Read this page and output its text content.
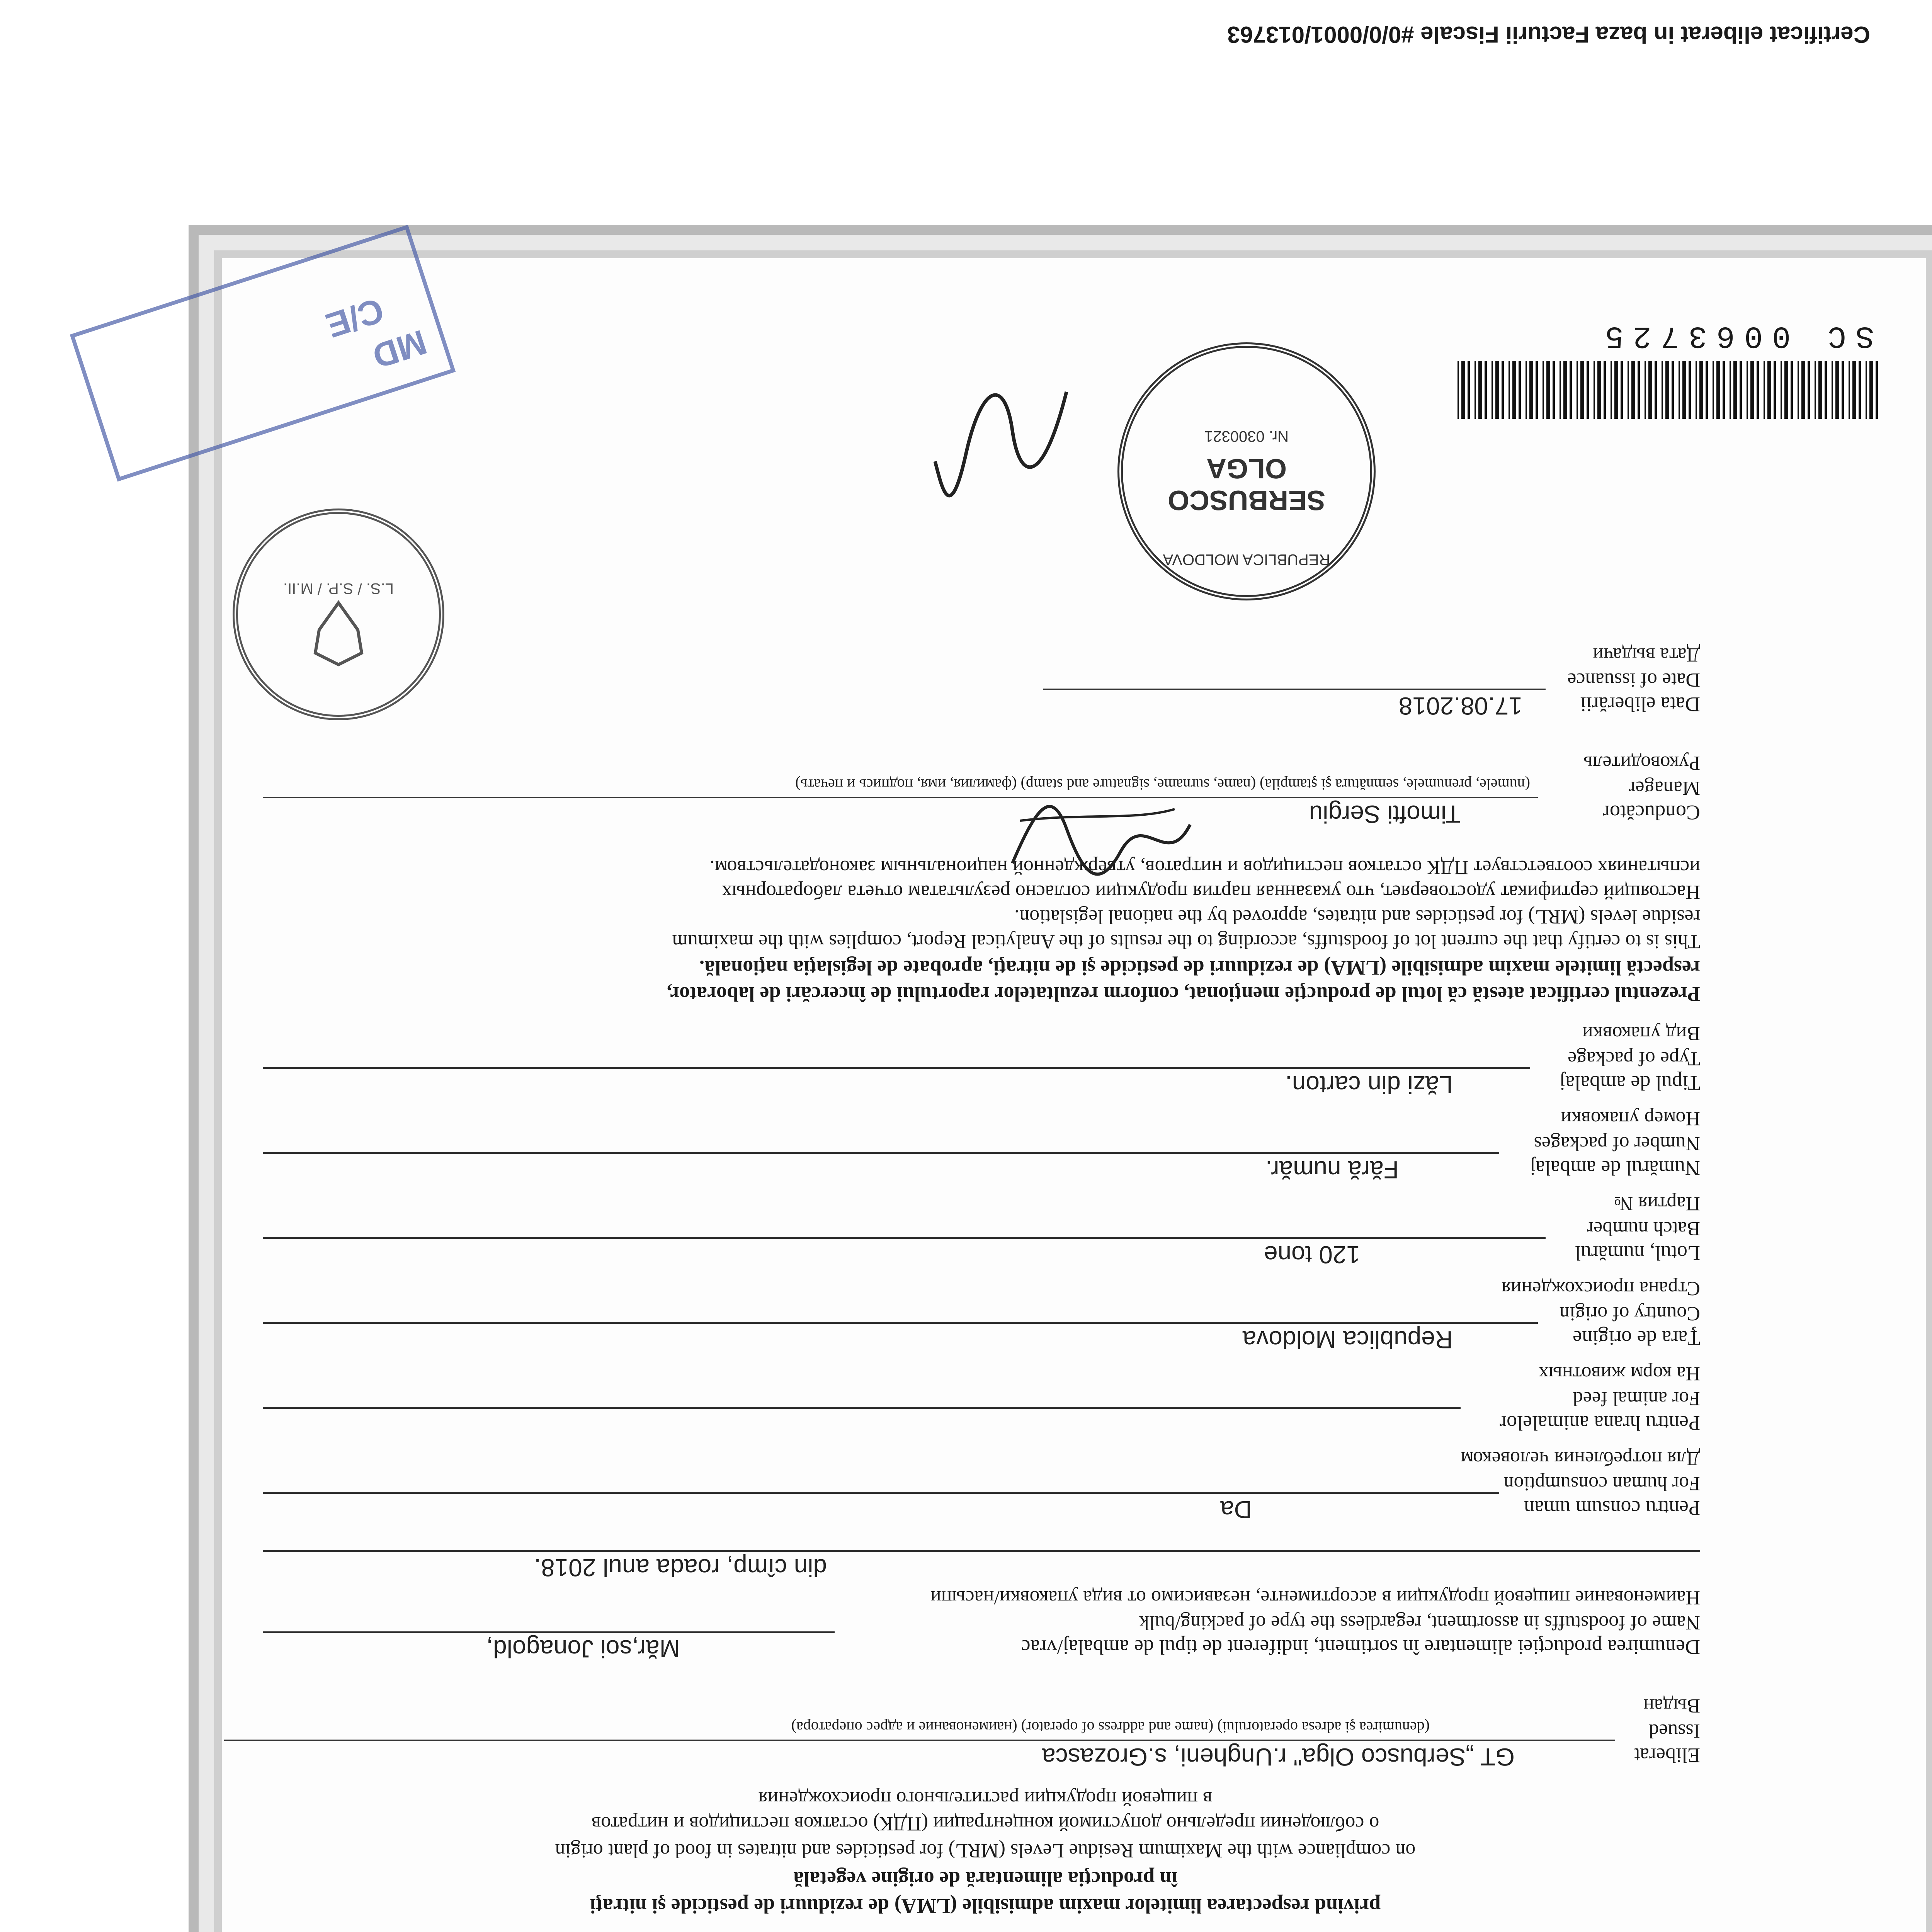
Certificat eliberat in baza Facturii Fiscale #0/0/0001/013763
privind respectarea limitelor maxim admisibile (LMA) de reziduuri de pesticide şi nitraţi
în producţia alimentară de origine vegetală
on compliance with the Maximum Residue Levels (MRL) for pesticides and nitrates in food of plant origin
о соблюдении предельно допустимой концентрации (ПДК) остатков пестицидов и нитратов
в пищевой продукции растительного происхождения
Eliberat
Issued
Выдан
GT „Serbusco Olga" r.Ungheni, s.Grozasca
(denumirea şi adresa operatorului) (name and address of operator) (наименование и адрес оператора)
Denumirea producţiei alimentare în sortiment, indiferent de tipul de ambalaj/vrac
Name of foodstuffs in assortment, regardless the type of packing/bulk
Наименование пищевой продукции в ассортименте, независимо от вида упаковки/насыпи
Măr,soi Jonagold,
din cîmp, roada anul 2018.
Pentru consum uman
For human consumption
Для потребления человеком
Da
Pentru hrana animalelor
For animal feed
На корм животных
Ţara de origine
Country of origin
Страна происхождения
Republica Moldova
Lotul, numărul
Batch number
Партия №
120 tone
Numărul de ambalaj
Number of packages
Номер упаковки
Fără număr.
Tipul de ambalaj
Type of package
Вид упаковки
Lăzi din carton.
Prezentul certificat atestă că lotul de producţie menţionat, conform rezultatelor raportului de încercări de laborator,
respectă limitele maxim admisibile (LMA) de reziduuri de pesticide şi de nitraţi, aprobate de legislaţia naţională.
This is to certify that the current lot of foodstuffs, according to the results of the Analytical Report, complies with the maximum
residue levels (MRL) for pesticides and nitrates, approved by the national legislation.
Настоящий сертификат удостоверяет, что указанная партия продукции согласно результатам отчета лабораторных
испытаниях соответствует ПДК остатков пестицидов и нитратов, утвержденной национальным законодательством.
Conducător
Manager
Руководитель
Timofti Sergiu
(numele, prenumele, semnătura şi ştampila) (name, surname, signature and stamp) (фамилия, имя, подпись и печать)
Data eliberării
Date of issuance
Дата выдачи
17.08.2018
REPUBLICA MOLDOVA
SERBUSCO
OLGA
Nr. 0300321
L.S. / S.P. / M.II.
MD
C/E	SC 0063725
